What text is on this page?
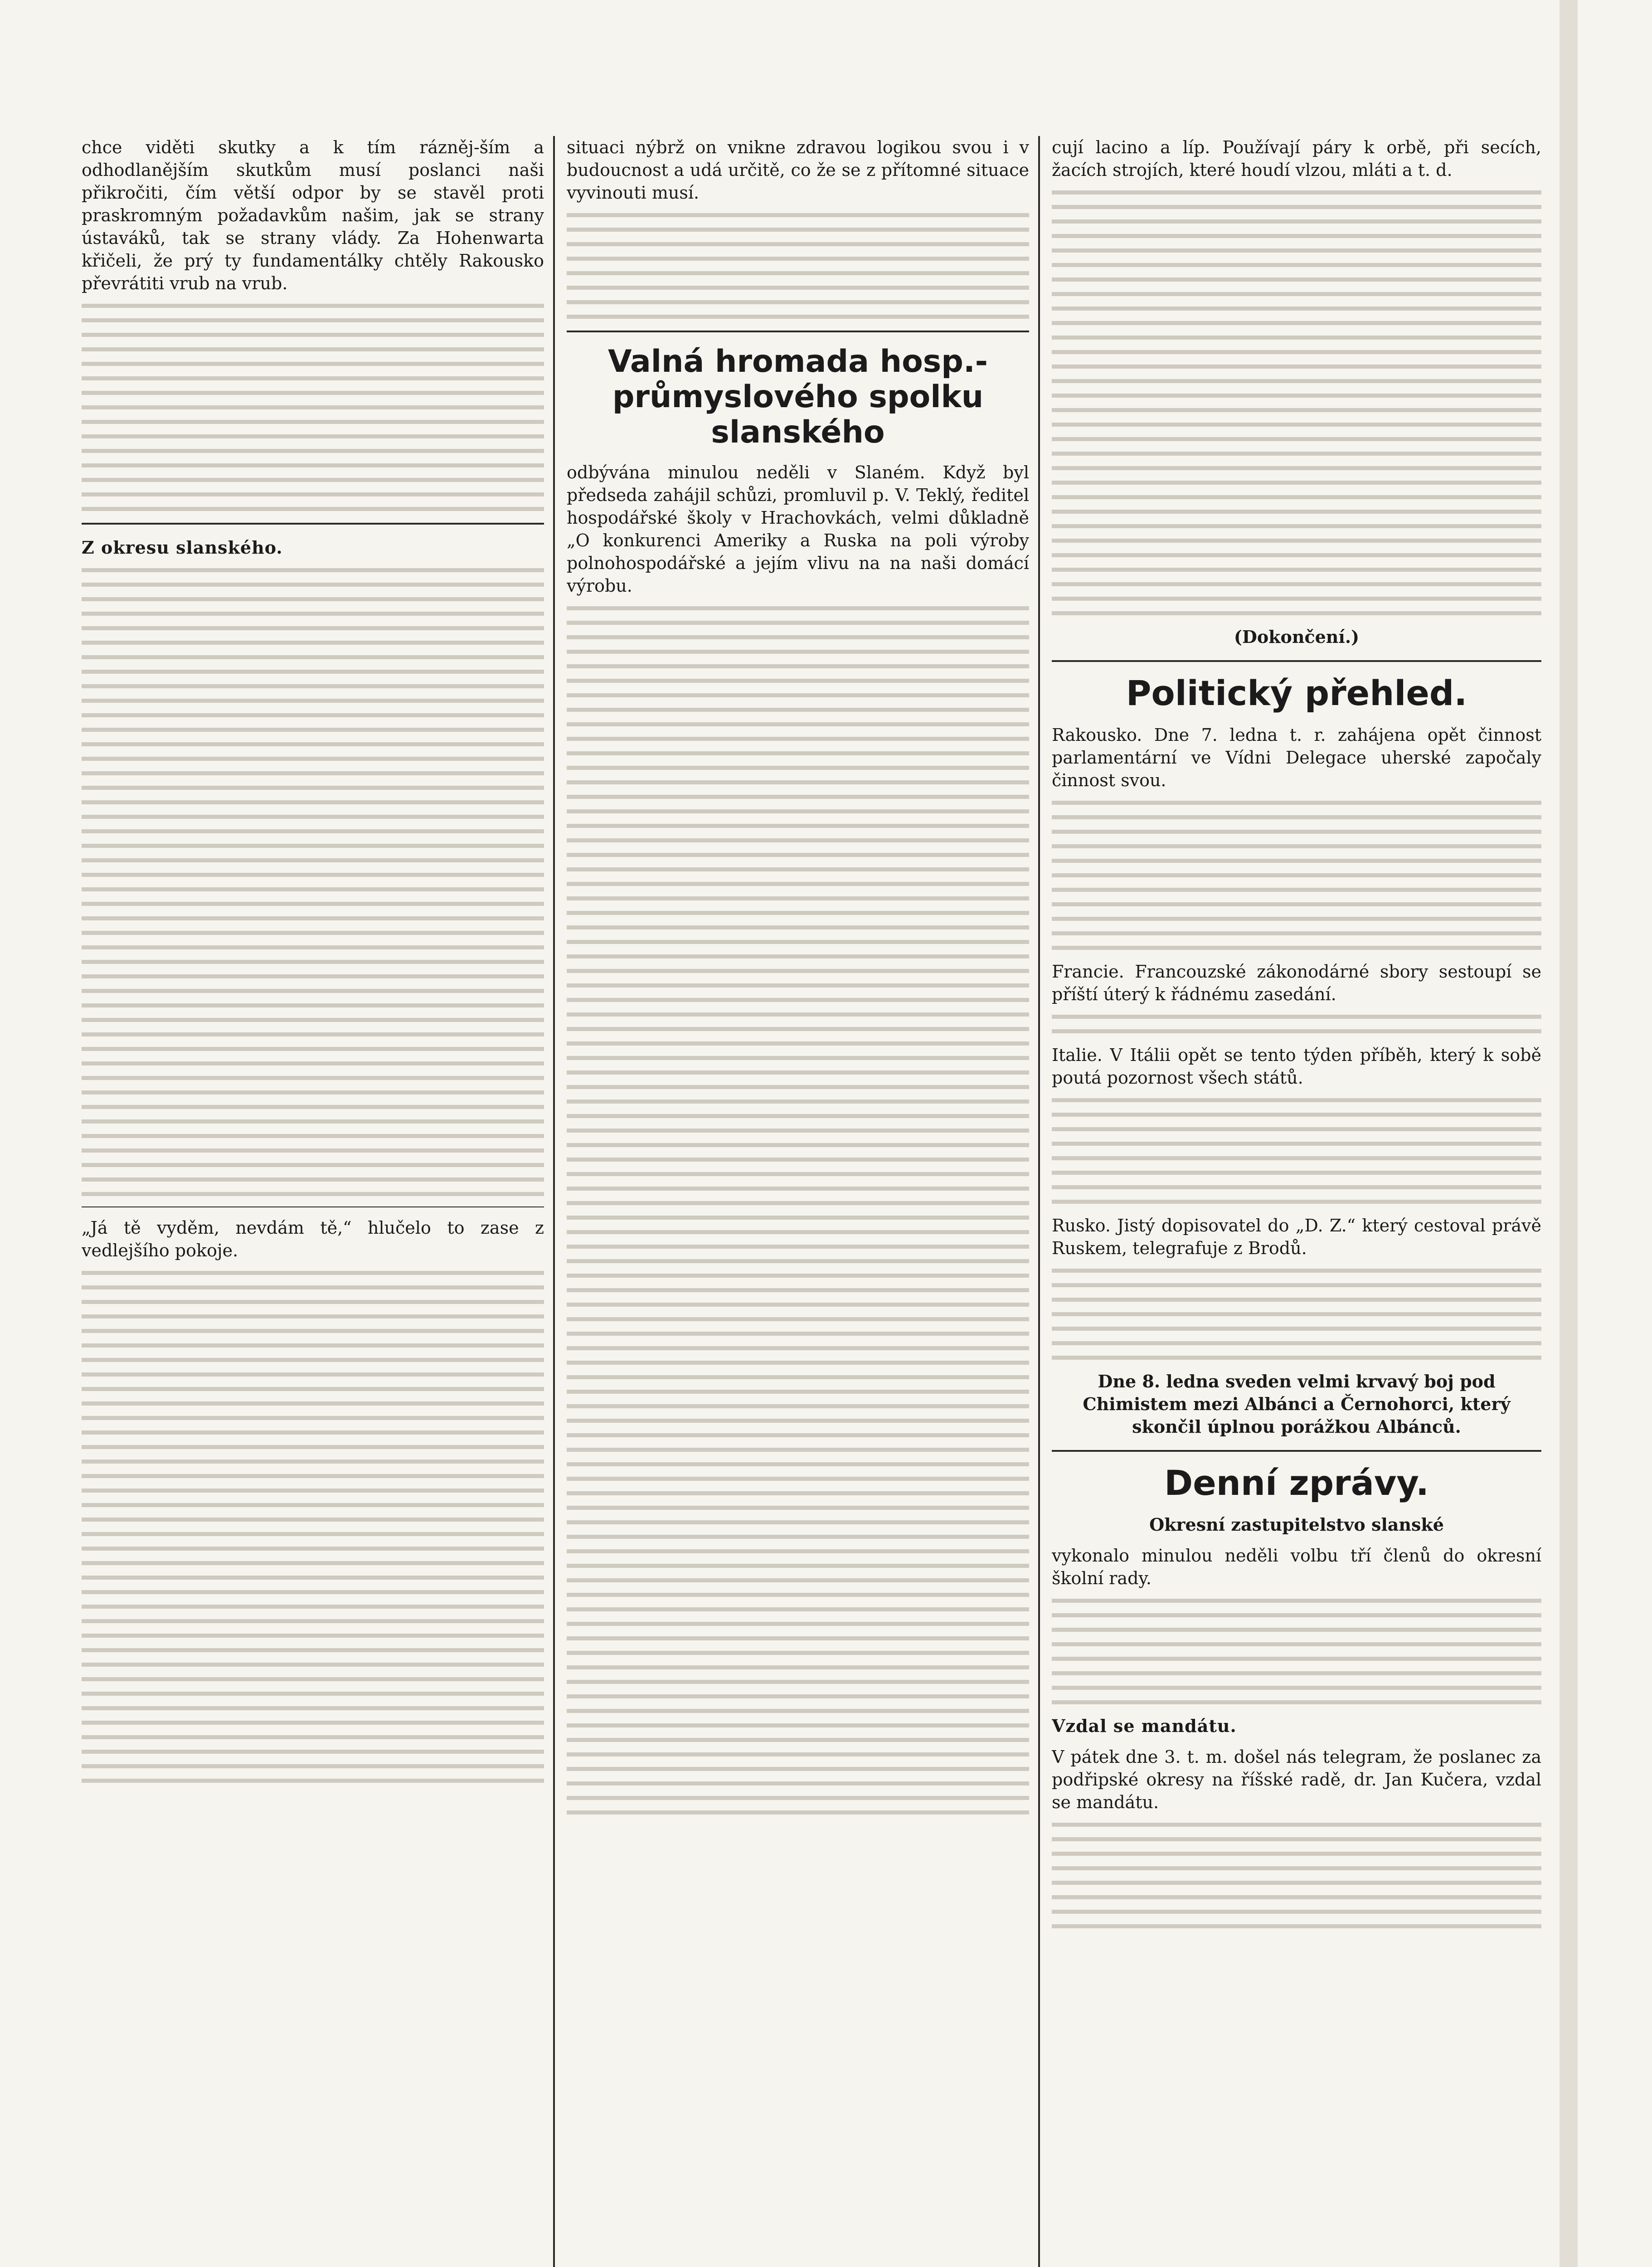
chce viděti skutky a k tím rázněj‑ším a odhodlanějším skutkům musí poslanci naši přikročiti, čím větší odpor by se stavěl proti praskromným požadavkům našim, jak se strany ústaváků, tak se strany vlády. Za Hohenwarta křičeli, že prý ty fundamentálky chtěly Rakousko převrátiti vrub na vrub.

Z okresu slanského.

„Já tě vyděm, nevdám tě,“ hlučelo to zase z vedlejšího pokoje.

situaci nýbrž on vnikne zdravou logikou svou i v budoucnost a udá určitě, co že se z přítomné situace vyvinouti musí.

Valná hromada hosp.-průmyslového spolku slanského

odbývána minulou neděli v Slaném. Když byl předseda zahájil schůzi, promluvil p. V. Teklý, ředitel hospodářské školy v Hrachovkách, velmi důkladně „O konkurenci Ameriky a Ruska na poli výroby polnohospodářské a jejím vlivu na na naši domácí výrobu.

cují lacino a líp. Používají páry k orbě, při secích, žacích strojích, které houdí vlzou, mláti a t. d.

(Dokončení.)

Politický přehled.

Rakousko. Dne 7. ledna t. r. zahájena opět činnost parlamentární ve Vídni Delegace uherské započaly činnost svou.

Francie. Francouzské zákonodárné sbory sestoupí se příští úterý k řádnému zasedání.

Italie. V Itálii opět se tento týden příběh, který k sobě poutá pozornost všech států.

Rusko. Jistý dopisovatel do „D. Z.“ který cestoval právě Ruskem, telegrafuje z Brodů.

Dne 8. ledna sveden velmi krvavý boj pod Chimistem mezi Albánci a Černohorci, který skončil úplnou porážkou Albánců.

Denní zprávy.

Okresní zastupitelstvo slanské

vykonalo minulou neděli volbu tří členů do okresní školní rady.

Vzdal se mandátu.

V pátek dne 3. t. m. došel nás telegram, že poslanec za podřipské okresy na říšské radě, dr. Jan Kučera, vzdal se mandátu.
